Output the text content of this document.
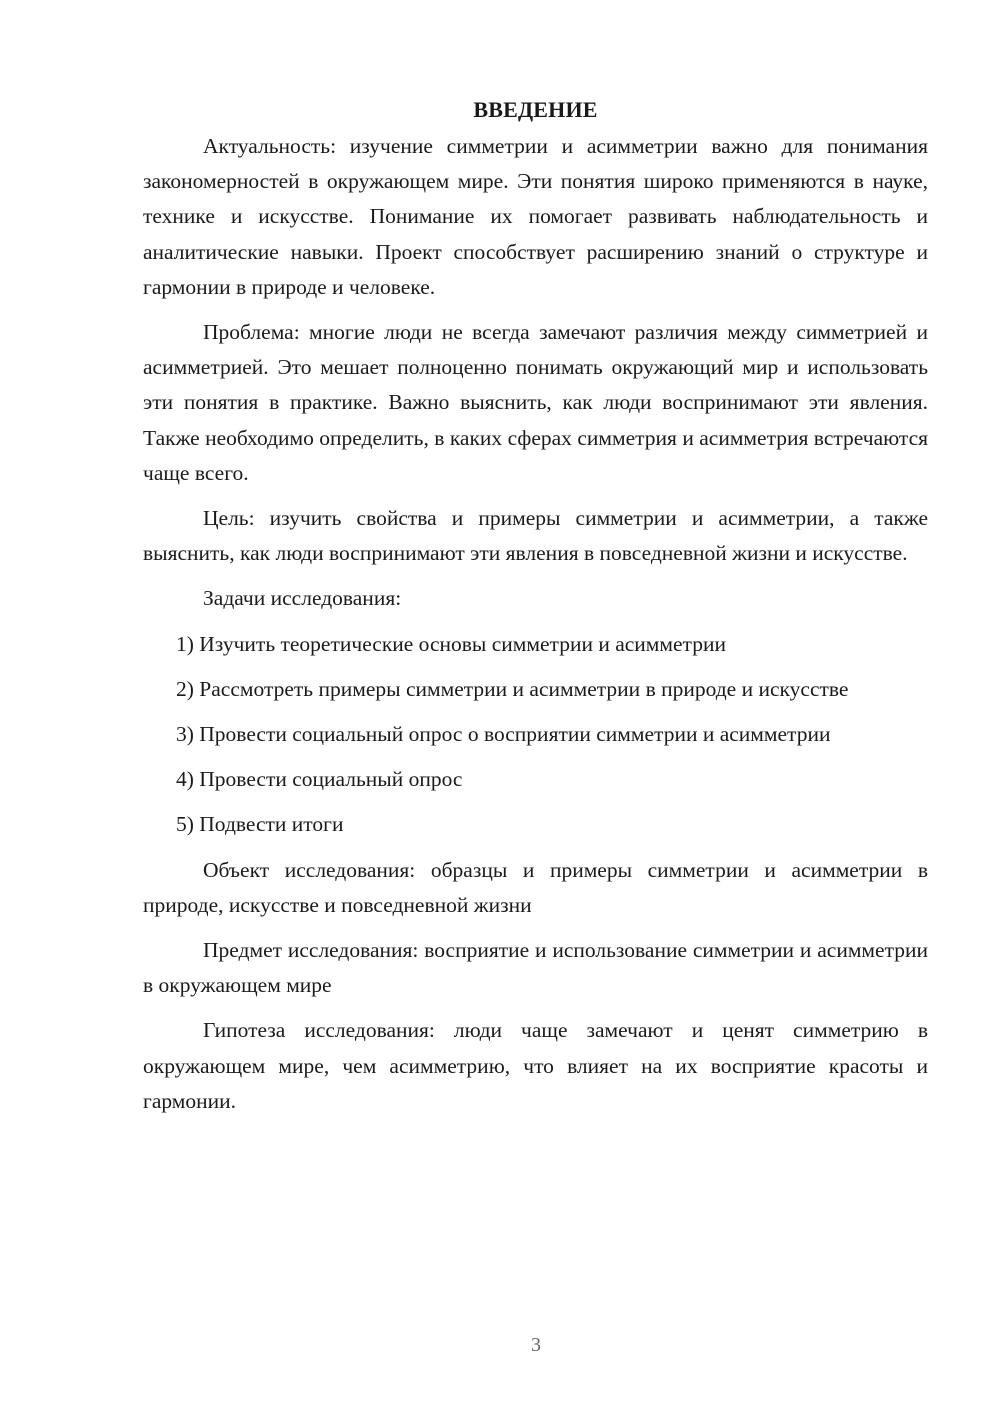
ВВЕДЕНИЕ

Актуальность: изучение симметрии и асимметрии важно для понимания закономерностей в окружающем мире. Эти понятия широко применяются в науке, технике и искусстве. Понимание их помогает развивать наблюдательность и аналитические навыки. Проект способствует расширению знаний о структуре и гармонии в природе и человеке.

Проблема: многие люди не всегда замечают различия между симметрией и асимметрией. Это мешает полноценно понимать окружающий мир и использовать эти понятия в практике. Важно выяснить, как люди воспринимают эти явления. Также необходимо определить, в каких сферах симметрия и асимметрия встречаются чаще всего.

Цель: изучить свойства и примеры симметрии и асимметрии, а также выяснить, как люди воспринимают эти явления в повседневной жизни и искусстве.

Задачи исследования:

1) Изучить теоретические основы симметрии и асимметрии

2) Рассмотреть примеры симметрии и асимметрии в природе и искусстве

3) Провести социальный опрос о восприятии симметрии и асимметрии

4) Провести социальный опрос

5) Подвести итоги

Объект исследования: образцы и примеры симметрии и асимметрии в природе, искусстве и повседневной жизни

Предмет исследования: восприятие и использование симметрии и асимметрии в окружающем мире

Гипотеза исследования: люди чаще замечают и ценят симметрию в окружающем мире, чем асимметрию, что влияет на их восприятие красоты и гармонии.

3
